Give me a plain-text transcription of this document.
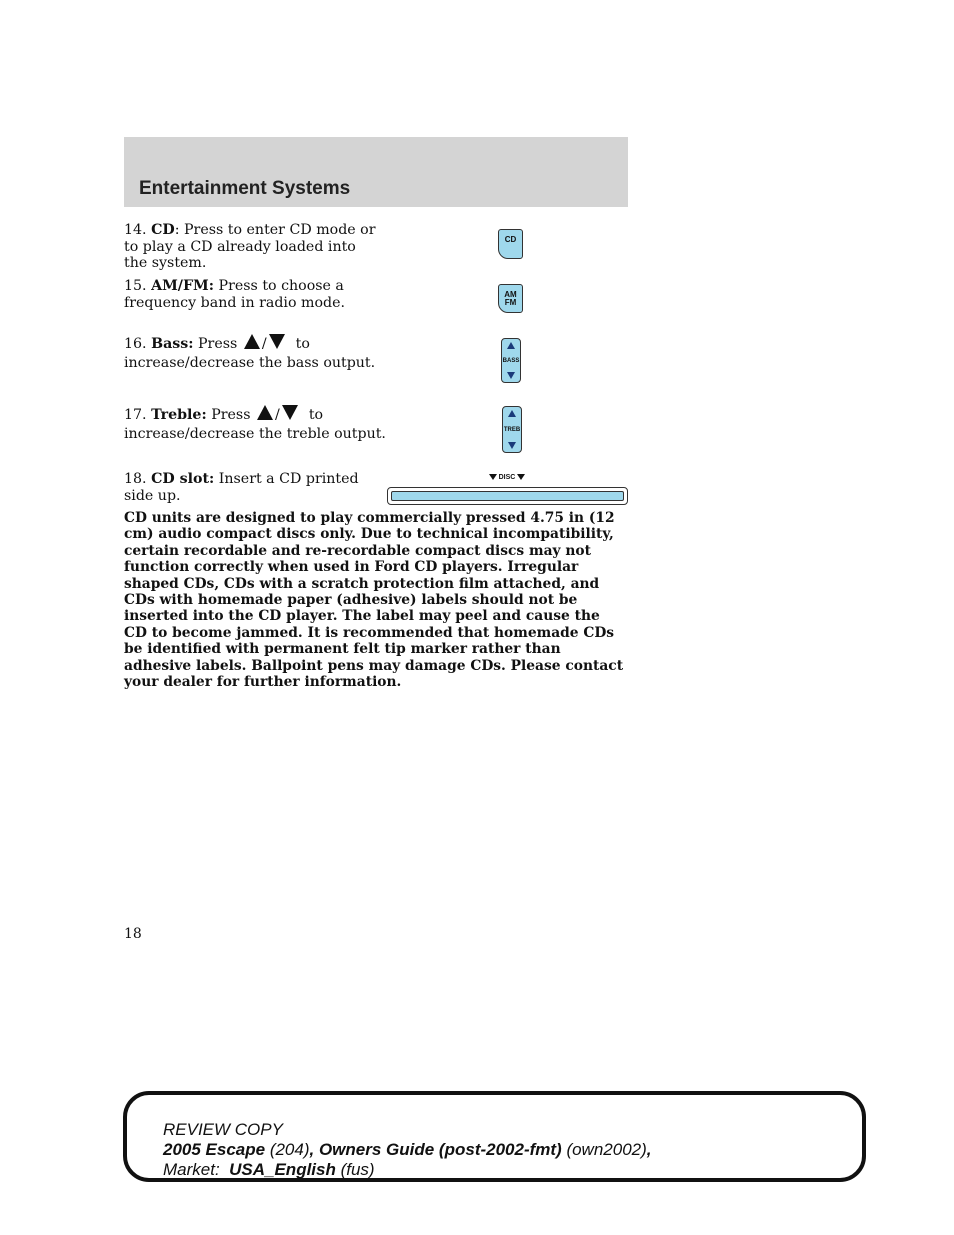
Entertainment Systems
14. CD: Press to enter CD mode or to play a CD already loaded into the system.
CD
15. AM/FM: Press to choose a frequency band in radio mode.
AM
FM
16. Bass: Press / to
increase/decrease the bass output.	BASS
17. Treble: Press / to
increase/decrease the treble output.	TREB
18. CD slot: Insert a CD printed side up.
DISC
CD units are designed to play commercially pressed 4.75 in (12 cm) audio compact discs only. Due to technical incompatibility, certain recordable and re-recordable compact discs may not function correctly when used in Ford CD players. Irregular shaped CDs, CDs with a scratch protection film attached, and CDs with homemade paper (adhesive) labels should not be inserted into the CD player. The label may peel and cause the CD to become jammed. It is recommended that homemade CDs be identified with permanent felt tip marker rather than adhesive labels. Ballpoint pens may damage CDs. Please contact your dealer for further information.
18
REVIEW COPY
2005 Escape (204), Owners Guide (post-2002-fmt) (own2002),
Market:  USA_English (fus)
